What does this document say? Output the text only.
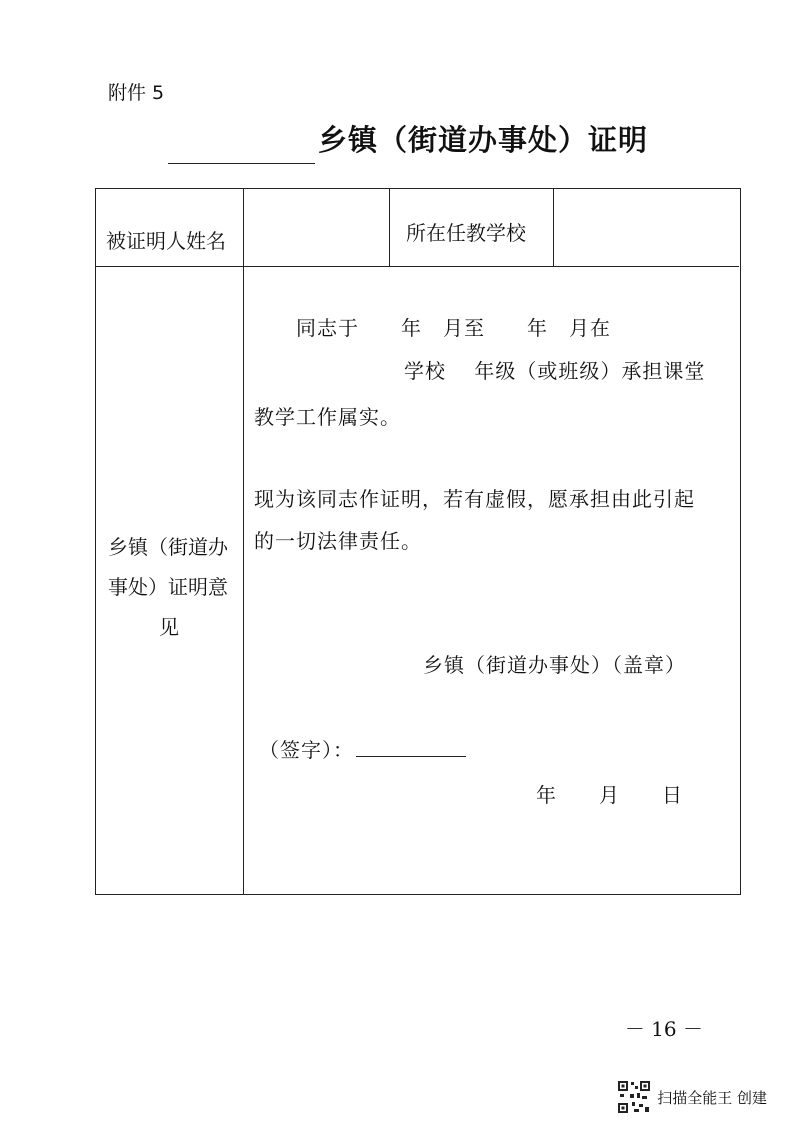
附件 5
乡镇（街道办事处）证明
被证明人姓名	所在任教学校
乡镇（街道办
事处）证明意
见
同志于　　年　月至　　年　月在
学校　 年级（或班级）承担课堂
教学工作属实。
现为该同志作证明，若有虚假，愿承担由此引起
的一切法律责任。
乡镇（街道办事处）（盖章）
（签字）：
年　　月　　日
－ 16 －
扫描全能王 创建
